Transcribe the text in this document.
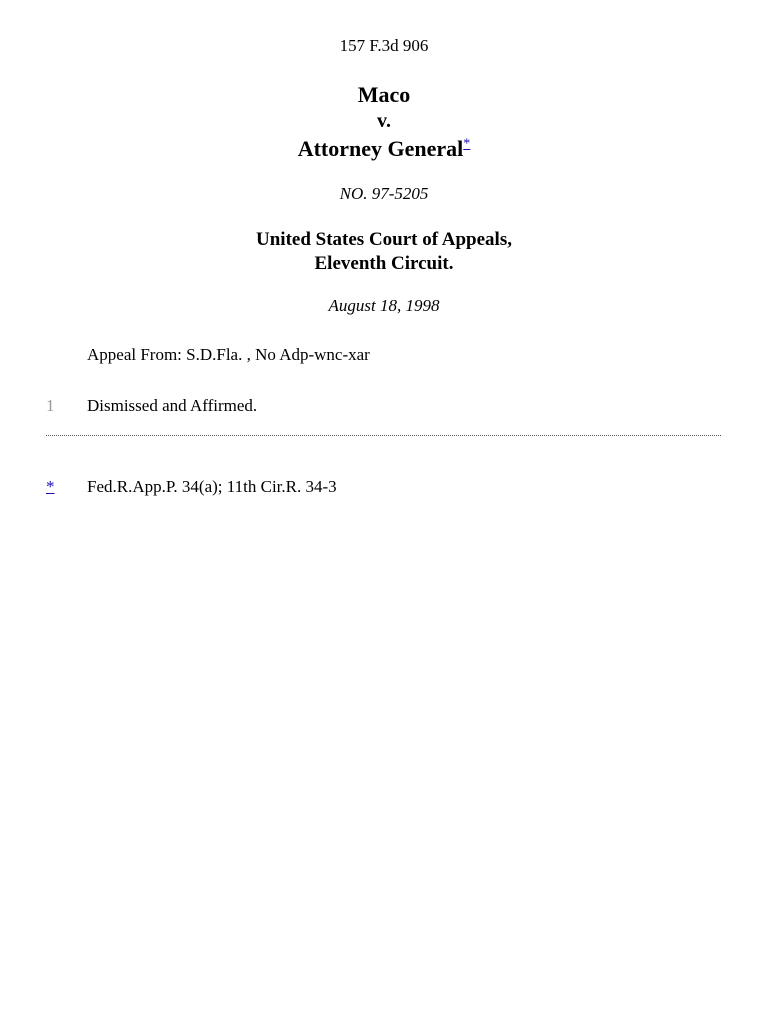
157 F.3d 906
Maco
v.
Attorney General*
NO. 97-5205
United States Court of Appeals,
Eleventh Circuit.
August 18, 1998
Appeal From: S.D.Fla. , No Adp-wnc-xar
1 Dismissed and Affirmed.
* Fed.R.App.P. 34(a); 11th Cir.R. 34-3
